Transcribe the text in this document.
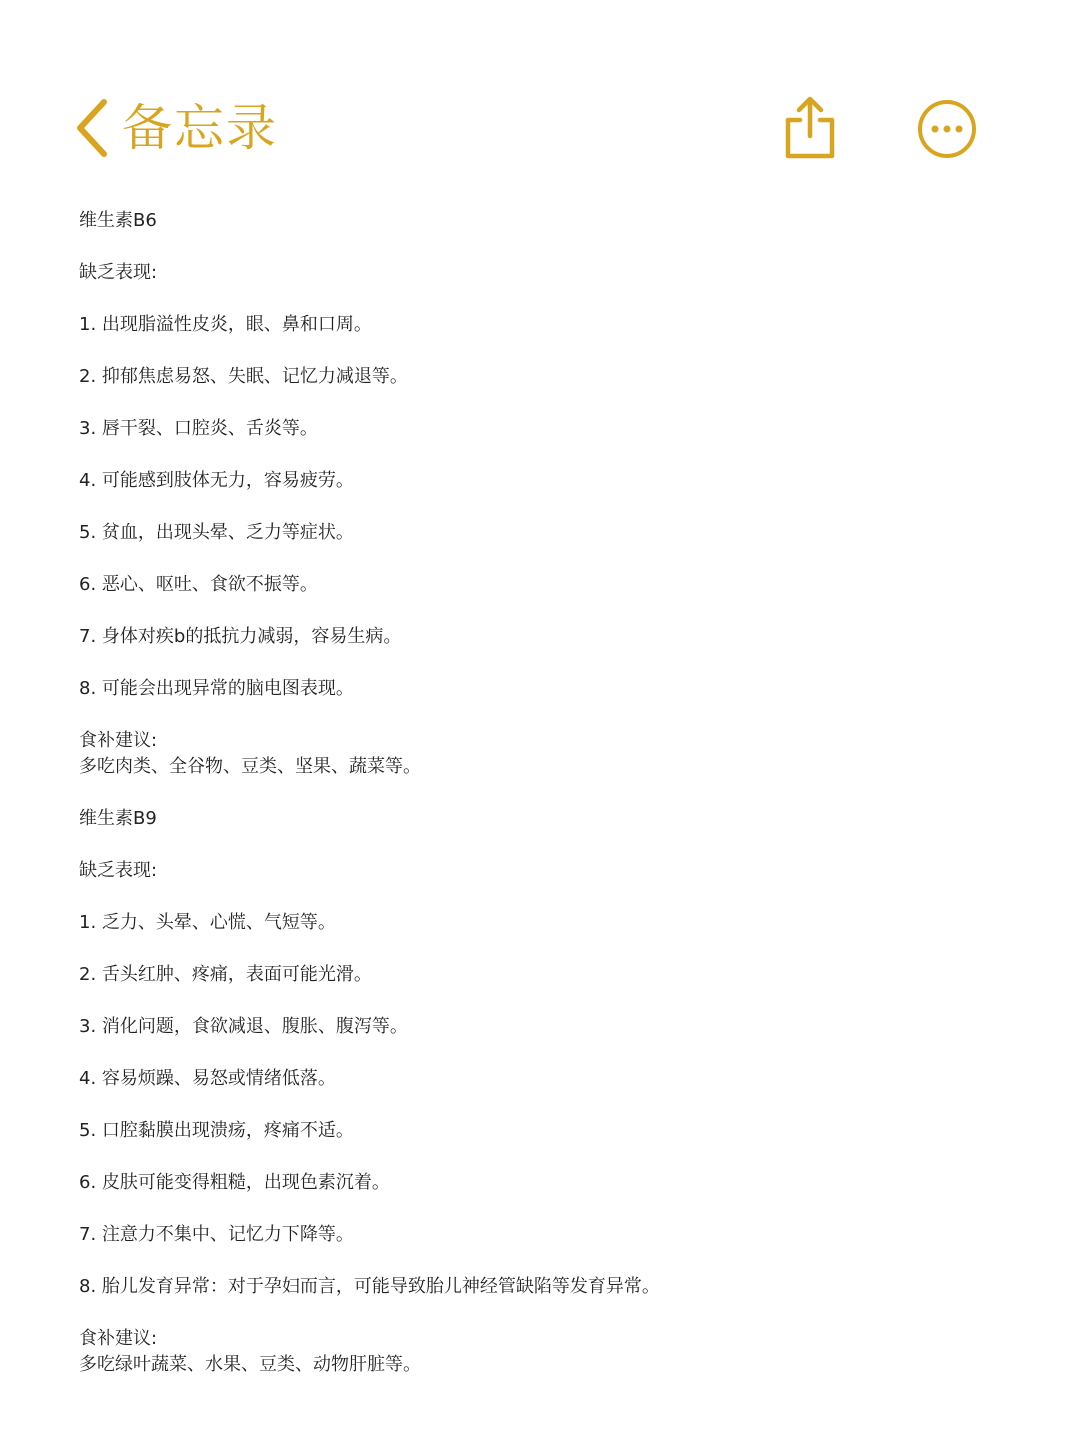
备忘录

维生素B6

缺乏表现:

1. 出现脂溢性皮炎，眼、鼻和口周。

2. 抑郁焦虑易怒、失眠、记忆力减退等。

3. 唇干裂、口腔炎、舌炎等。

4. 可能感到肢体无力，容易疲劳。

5. 贫血，出现头晕、乏力等症状。

6. 恶心、呕吐、食欲不振等。

7. 身体对疾b的抵抗力减弱，容易生病。

8. 可能会出现异常的脑电图表现。

食补建议:

多吃肉类、全谷物、豆类、坚果、蔬菜等。

维生素B9

缺乏表现:

1. 乏力、头晕、心慌、气短等。

2. 舌头红肿、疼痛，表面可能光滑。

3. 消化问题，食欲减退、腹胀、腹泻等。

4. 容易烦躁、易怒或情绪低落。

5. 口腔黏膜出现溃疡，疼痛不适。

6. 皮肤可能变得粗糙，出现色素沉着。

7. 注意力不集中、记忆力下降等。

8. 胎儿发育异常：对于孕妇而言，可能导致胎儿神经管缺陷等发育异常。

食补建议:

多吃绿叶蔬菜、水果、豆类、动物肝脏等。
